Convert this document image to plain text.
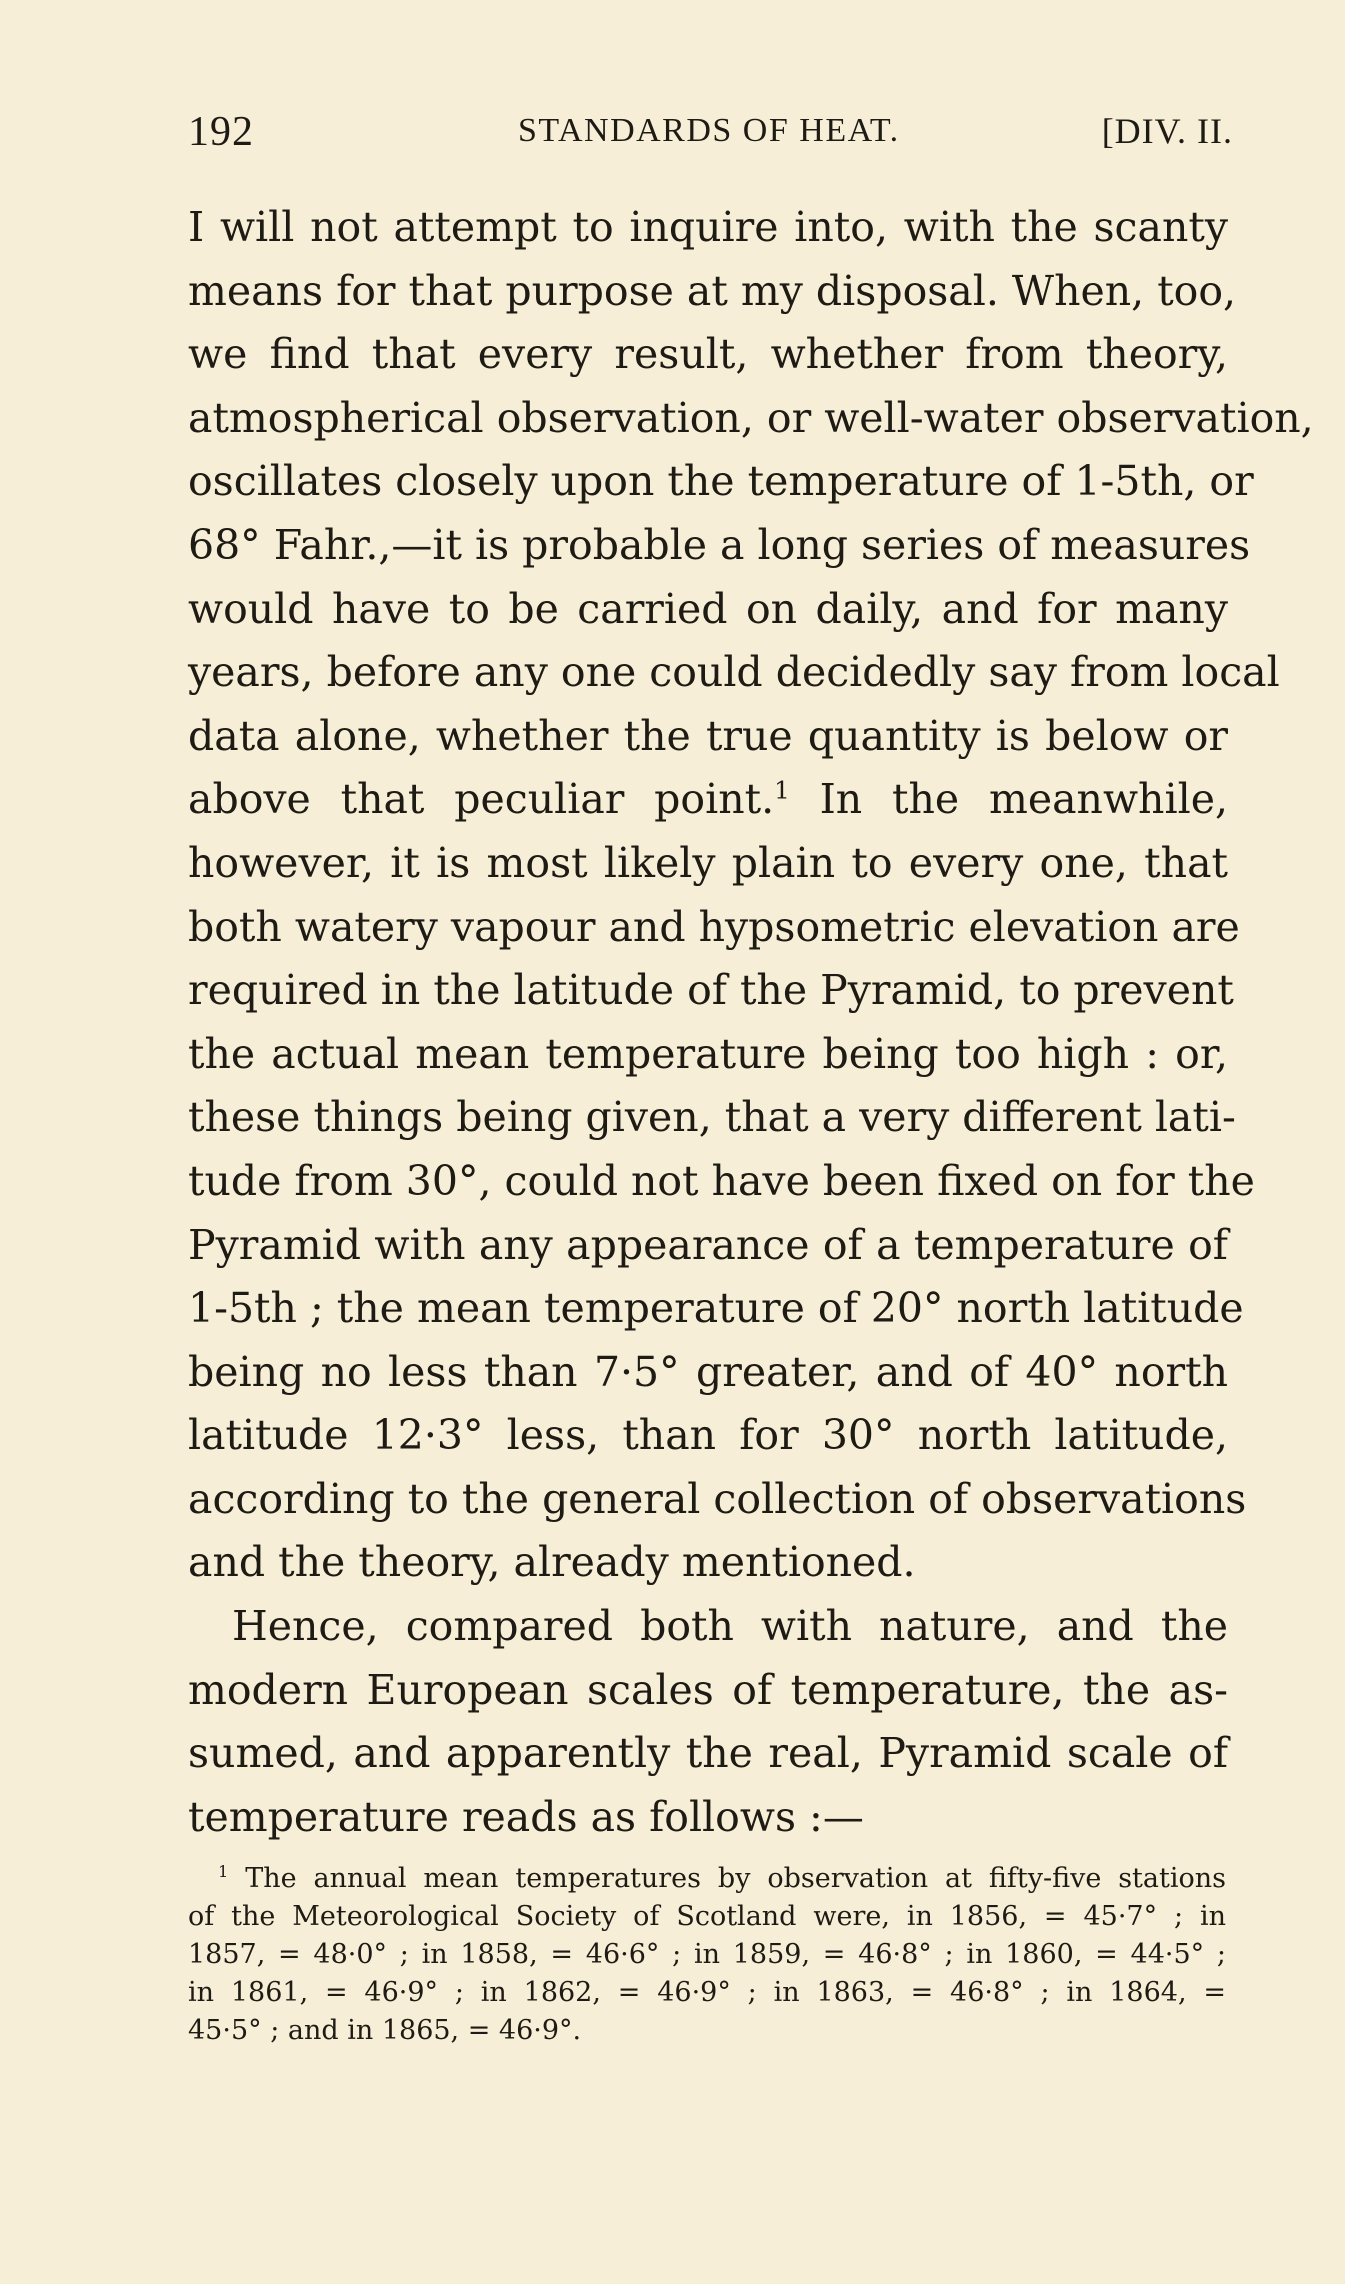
192	STANDARDS OF HEAT.	[DIV. II.
I will not attempt to inquire into, with the scanty
means for that purpose at my disposal. When, too,
we find that every result, whether from theory,
atmospherical observation, or well-water observation,
oscillates closely upon the temperature of 1-5th, or
68° Fahr.,—it is probable a long series of measures
would have to be carried on daily, and for many
years, before any one could decidedly say from local
data alone, whether the true quantity is below or
above that peculiar point.$^1$ In the meanwhile,
however, it is most likely plain to every one, that
both watery vapour and hypsometric elevation are
required in the latitude of the Pyramid, to prevent
the actual mean temperature being too high : or,
these things being given, that a very different lati-
tude from 30°, could not have been fixed on for the
Pyramid with any appearance of a temperature of
1-5th ; the mean temperature of 20° north latitude
being no less than 7·5° greater, and of 40° north
latitude 12·3° less, than for 30° north latitude,
according to the general collection of observations
and the theory, already mentioned.
Hence, compared both with nature, and the
modern European scales of temperature, the as-
sumed, and apparently the real, Pyramid scale of
temperature reads as follows :—
$^1$ The annual mean temperatures by observation at fifty-five stations
of the Meteorological Society of Scotland were, in 1856, = 45·7° ; in
1857, = 48·0° ; in 1858, = 46·6° ; in 1859, = 46·8° ; in 1860, = 44·5° ;
in 1861, = 46·9° ; in 1862, = 46·9° ; in 1863, = 46·8° ; in 1864, =
45·5° ; and in 1865, = 46·9°.
